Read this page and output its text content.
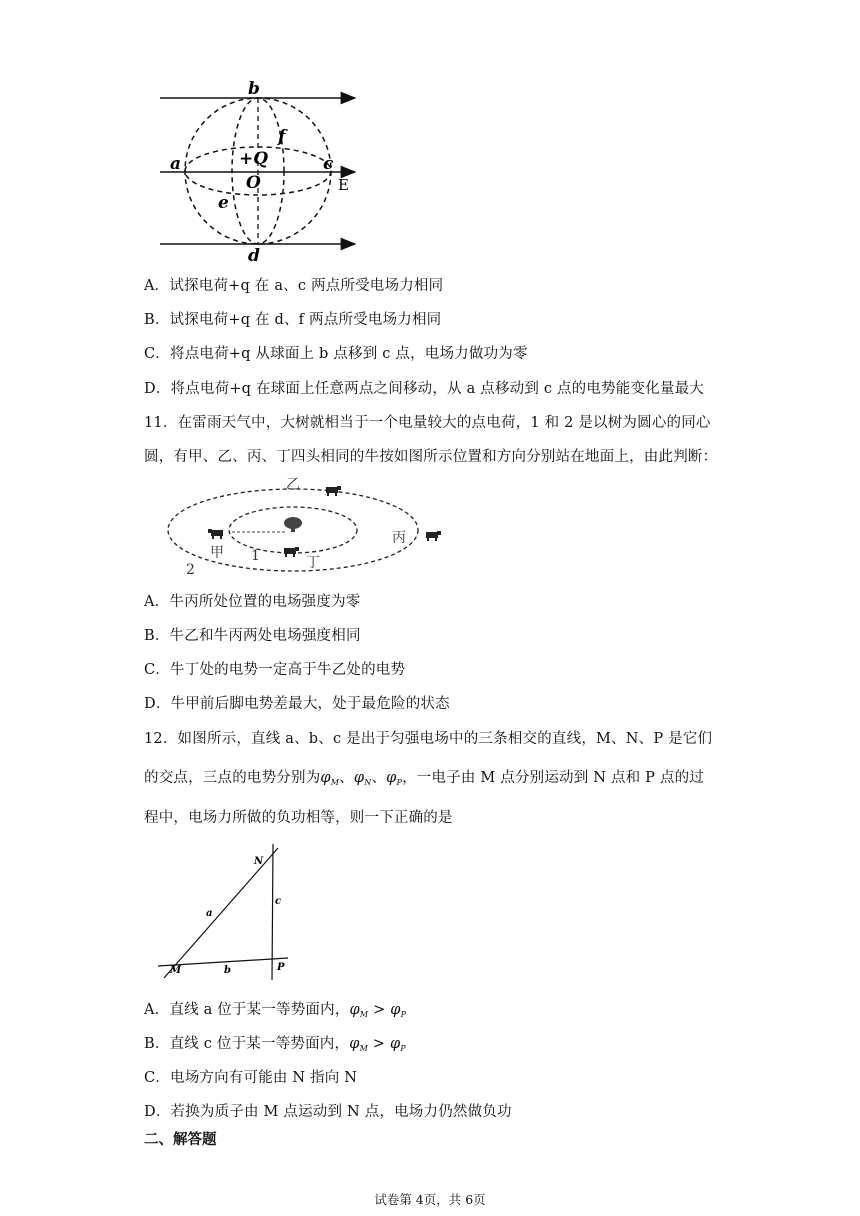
b
a
f
+Q
O
c
E
e
d
A．试探电荷+q 在 a、c 两点所受电场力相同
B．试探电荷+q 在 d、f 两点所受电场力相同
C．将点电荷+q 从球面上 b 点移到 c 点，电场力做功为零
D．将点电荷+q 在球面上任意两点之间移动，从 a 点移动到 c 点的电势能变化量最大
11．在雷雨天气中，大树就相当于一个电量较大的点电荷，1 和 2 是以树为圆心的同心
圆，有甲、乙、丙、丁四头相同的牛按如图所示位置和方向分别站在地面上，由此判断：
乙
丙
甲 1	丁
2
A．牛丙所处位置的电场强度为零
B．牛乙和牛丙两处电场强度相同
C．牛丁处的电势一定高于牛乙处的电势
D．牛甲前后脚电势差最大，处于最危险的状态
12．如图所示，直线 a、b、c 是出于匀强电场中的三条相交的直线，M、N、P 是它们
的交点，三点的电势分别为$\varphi_M$、$\varphi_N$、$\varphi_P$，一电子由 M 点分别运动到 N 点和 P 点的过
程中，电场力所做的负功相等，则一下正确的是
N
a
c
M	b	P
A．直线 a 位于某一等势面内，$\varphi_M > \varphi_P$
B．直线 c 位于某一等势面内，$\varphi_M > \varphi_P$
C．电场方向有可能由 N 指向 N
D．若换为质子由 M 点运动到 N 点，电场力仍然做负功
二、解答题
试卷第 4页，共 6页
